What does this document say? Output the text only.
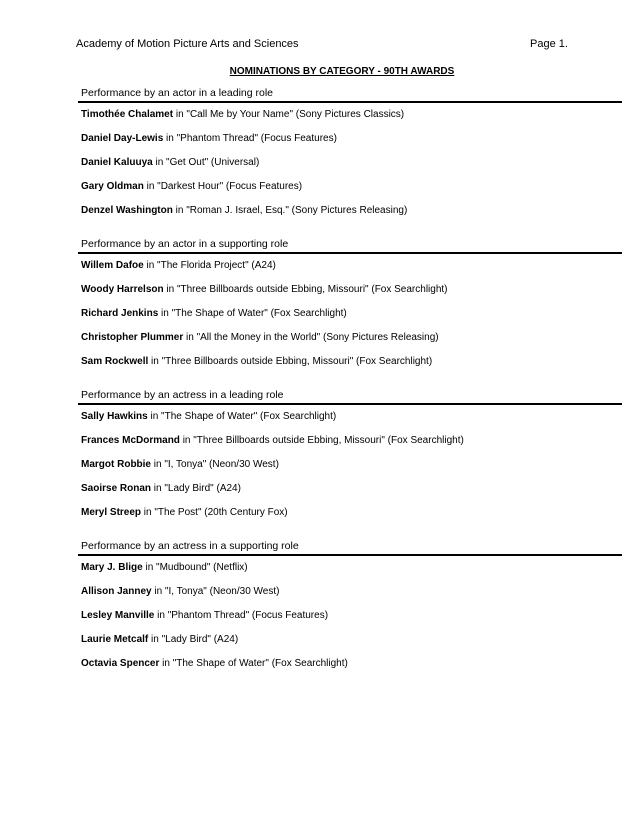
Academy of Motion Picture Arts and Sciences	Page 1.
NOMINATIONS BY CATEGORY - 90TH AWARDS
Performance by an actor in a leading role
Timothée Chalamet in "Call Me by Your Name" (Sony Pictures Classics)
Daniel Day-Lewis in "Phantom Thread" (Focus Features)
Daniel Kaluuya in "Get Out" (Universal)
Gary Oldman in "Darkest Hour" (Focus Features)
Denzel Washington in "Roman J. Israel, Esq." (Sony Pictures Releasing)
Performance by an actor in a supporting role
Willem Dafoe in "The Florida Project" (A24)
Woody Harrelson in "Three Billboards outside Ebbing, Missouri" (Fox Searchlight)
Richard Jenkins in "The Shape of Water" (Fox Searchlight)
Christopher Plummer in "All the Money in the World" (Sony Pictures Releasing)
Sam Rockwell in "Three Billboards outside Ebbing, Missouri" (Fox Searchlight)
Performance by an actress in a leading role
Sally Hawkins in "The Shape of Water" (Fox Searchlight)
Frances McDormand in "Three Billboards outside Ebbing, Missouri" (Fox Searchlight)
Margot Robbie in "I, Tonya" (Neon/30 West)
Saoirse Ronan in "Lady Bird" (A24)
Meryl Streep in "The Post" (20th Century Fox)
Performance by an actress in a supporting role
Mary J. Blige in "Mudbound" (Netflix)
Allison Janney in "I, Tonya" (Neon/30 West)
Lesley Manville in "Phantom Thread" (Focus Features)
Laurie Metcalf in "Lady Bird" (A24)
Octavia Spencer in "The Shape of Water" (Fox Searchlight)
